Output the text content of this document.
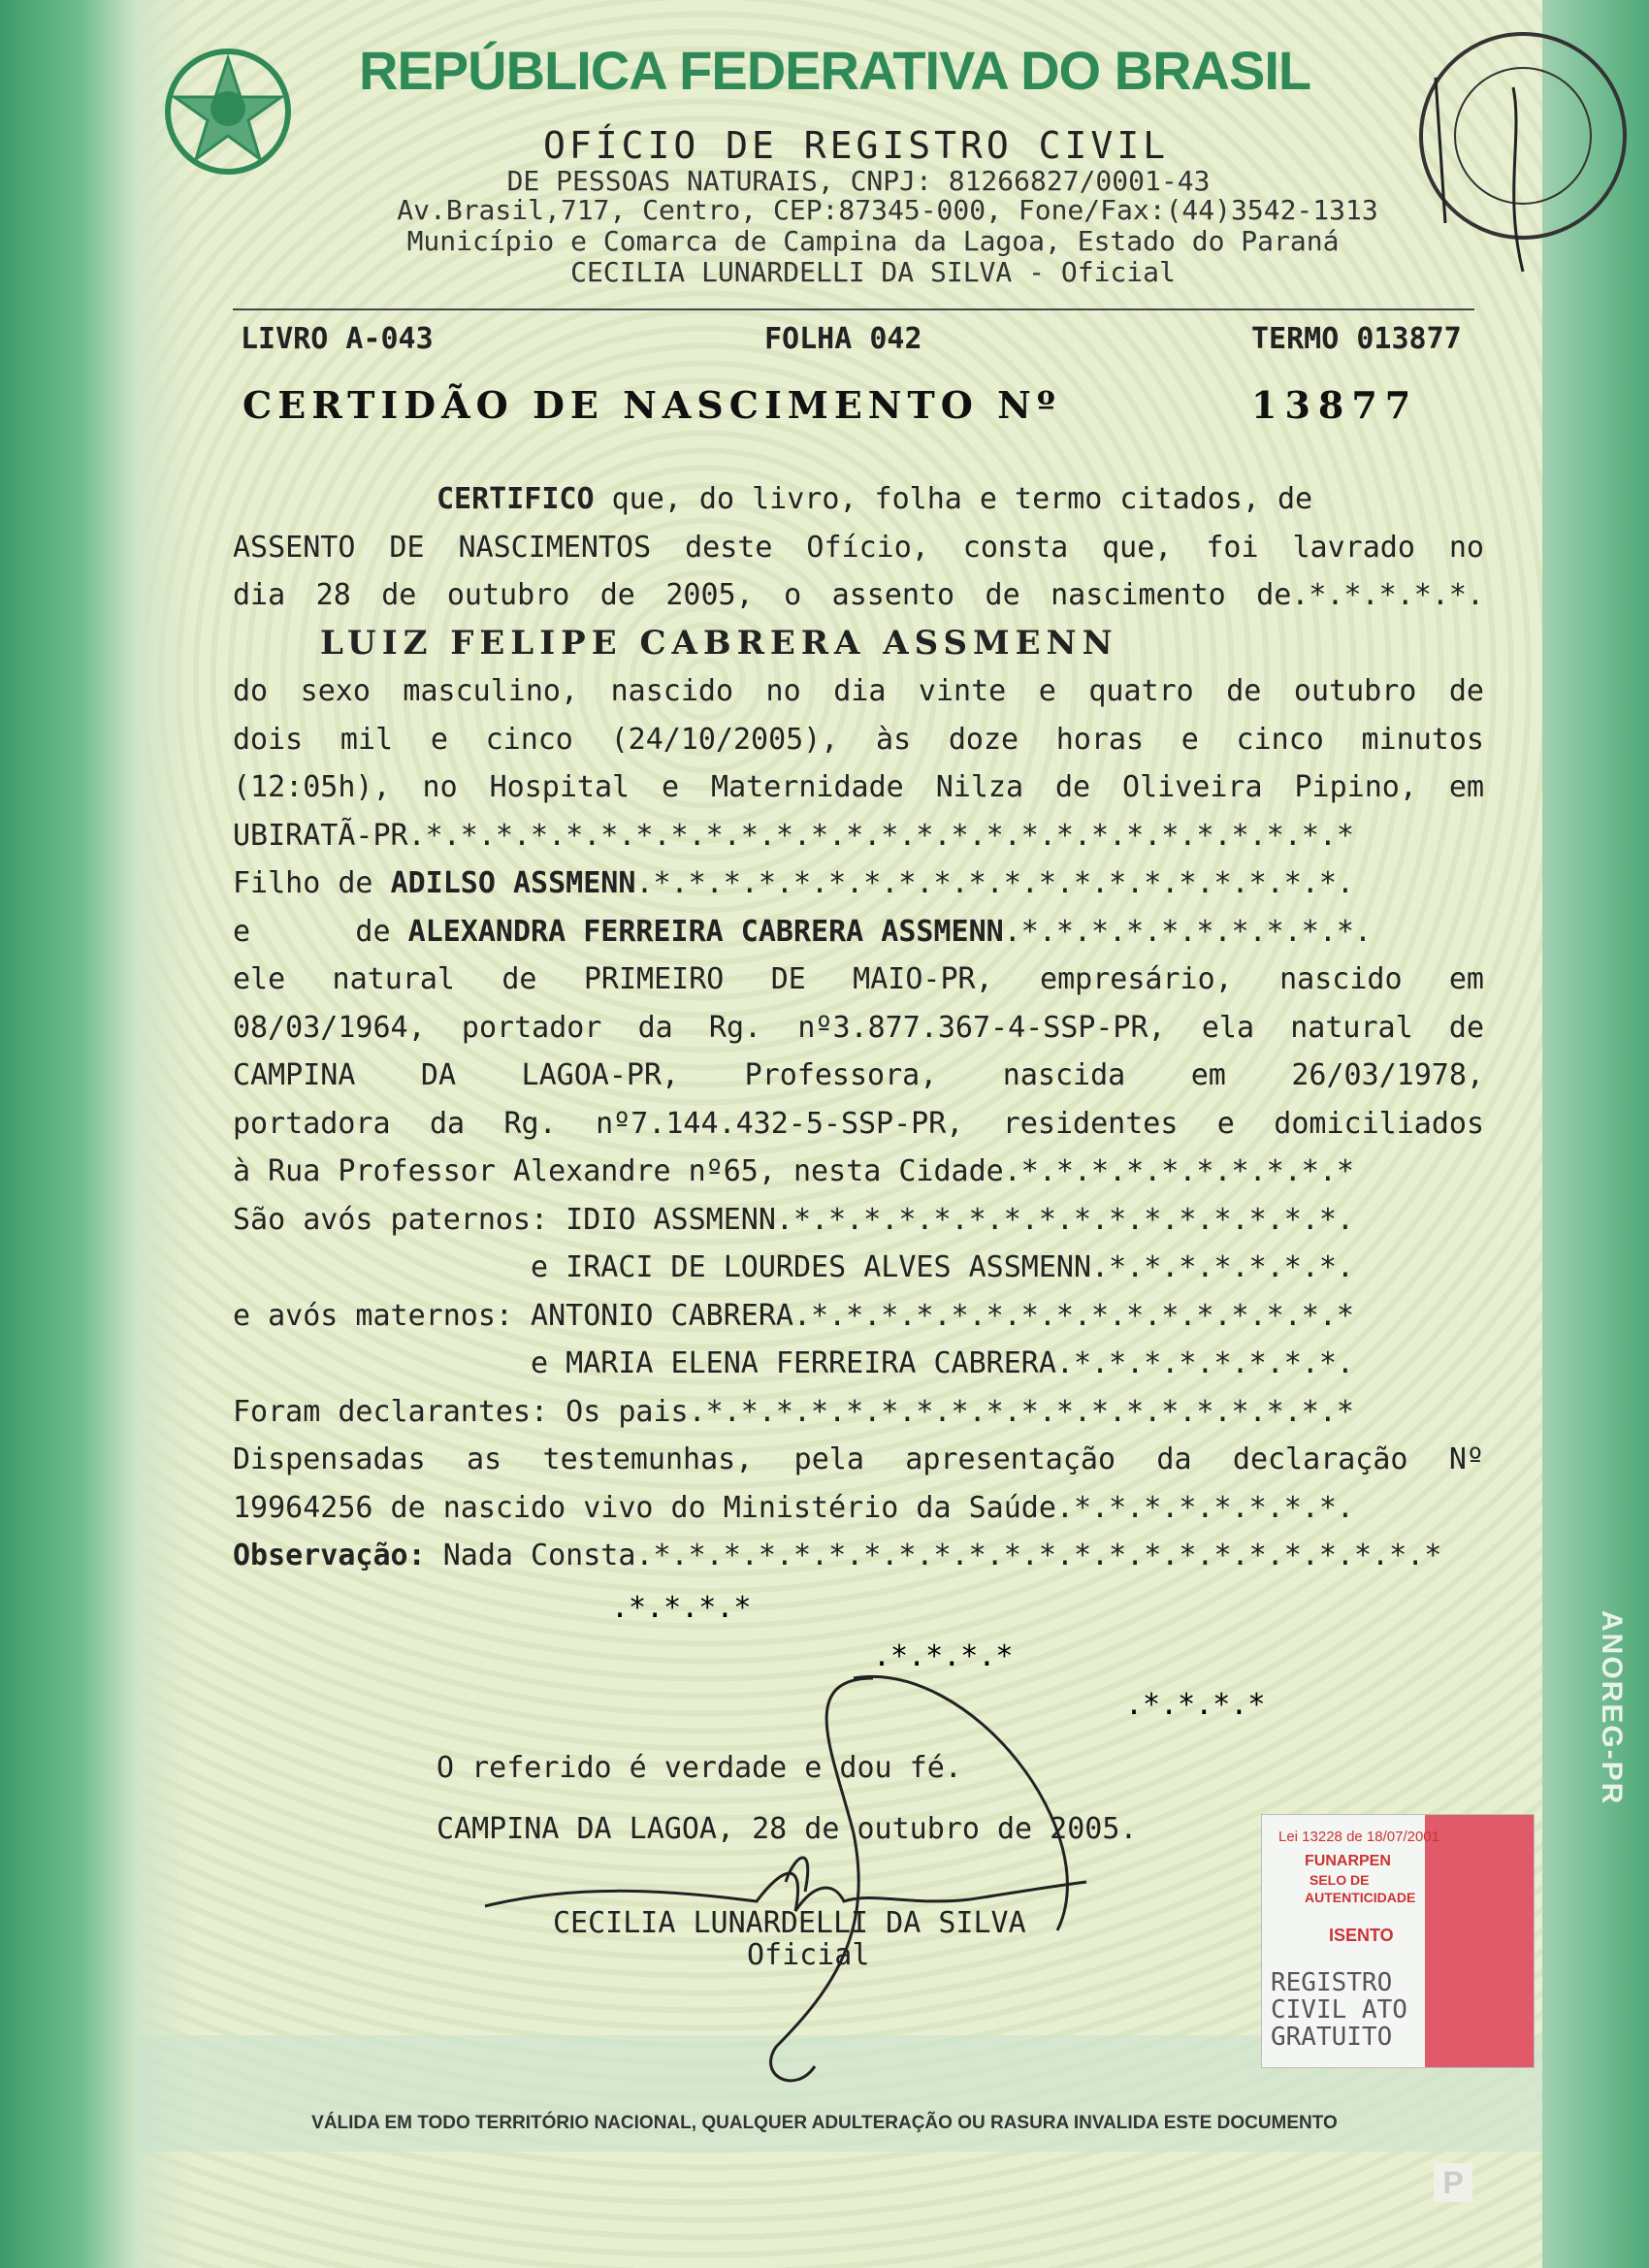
REPÚBLICA FEDERATIVA DO BRASIL
OFÍCIO DE REGISTRO CIVIL
DE PESSOAS NATURAIS, CNPJ: 81266827/0001-43
Av.Brasil,717, Centro, CEP:87345-000, Fone/Fax:(44)3542-1313
Município e Comarca de Campina da Lagoa, Estado do Paraná
CECILIA LUNARDELLI DA SILVA - Oficial
LIVRO A-043	FOLHA 042	TERMO 013877
CERTIDÃO DE NASCIMENTO Nº	13877
CERTIFICO que, do livro, folha e termo citados, de
ASSENTO DE NASCIMENTOS deste Ofício, consta que, foi lavrado no
dia 28 de outubro de 2005, o assento de nascimento de.*.*.*.*.*.
LUIZ FELIPE CABRERA ASSMENN
do sexo masculino, nascido no dia vinte e quatro de outubro de
dois mil e cinco (24/10/2005), às doze horas e cinco minutos
(12:05h), no Hospital e Maternidade Nilza de Oliveira Pipino, em
UBIRATÃ-PR.*.*.*.*.*.*.*.*.*.*.*.*.*.*.*.*.*.*.*.*.*.*.*.*.*.*.*
Filho de ADILSO ASSMENN.*.*.*.*.*.*.*.*.*.*.*.*.*.*.*.*.*.*.*.*.
e      de ALEXANDRA FERREIRA CABRERA ASSMENN.*.*.*.*.*.*.*.*.*.*.
ele natural de PRIMEIRO DE MAIO-PR, empresário, nascido em
08/03/1964, portador da Rg. nº3.877.367-4-SSP-PR, ela natural de
CAMPINA DA LAGOA-PR, Professora, nascida em 26/03/1978,
portadora da Rg. nº7.144.432-5-SSP-PR, residentes e domiciliados
à Rua Professor Alexandre nº65, nesta Cidade.*.*.*.*.*.*.*.*.*.*
São avós paternos: IDIO ASSMENN.*.*.*.*.*.*.*.*.*.*.*.*.*.*.*.*.
e IRACI DE LOURDES ALVES ASSMENN.*.*.*.*.*.*.*.
e avós maternos: ANTONIO CABRERA.*.*.*.*.*.*.*.*.*.*.*.*.*.*.*.*
e MARIA ELENA FERREIRA CABRERA.*.*.*.*.*.*.*.*.
Foram declarantes: Os pais.*.*.*.*.*.*.*.*.*.*.*.*.*.*.*.*.*.*.*
Dispensadas as testemunhas, pela apresentação da declaração Nº
19964256 de nascido vivo do Ministério da Saúde.*.*.*.*.*.*.*.*.
Observação: Nada Consta.*.*.*.*.*.*.*.*.*.*.*.*.*.*.*.*.*.*.*.*.*.*.*
.*.*.*.*
.*.*.*.*
.*.*.*.*
O referido é verdade e dou fé.
CAMPINA DA LAGOA, 28 de outubro de 2005.
CECILIA LUNARDELLI DA SILVA
Oficial
Lei 13228 de 18/07/2001
FUNARPEN
SELO DE
AUTENTICIDADE
ISENTO
REGISTRO CIVIL ATO GRATUITO
VÁLIDA EM TODO TERRITÓRIO NACIONAL, QUALQUER ADULTERAÇÃO OU RASURA INVALIDA ESTE DOCUMENTO
ANOREG-PR
P
